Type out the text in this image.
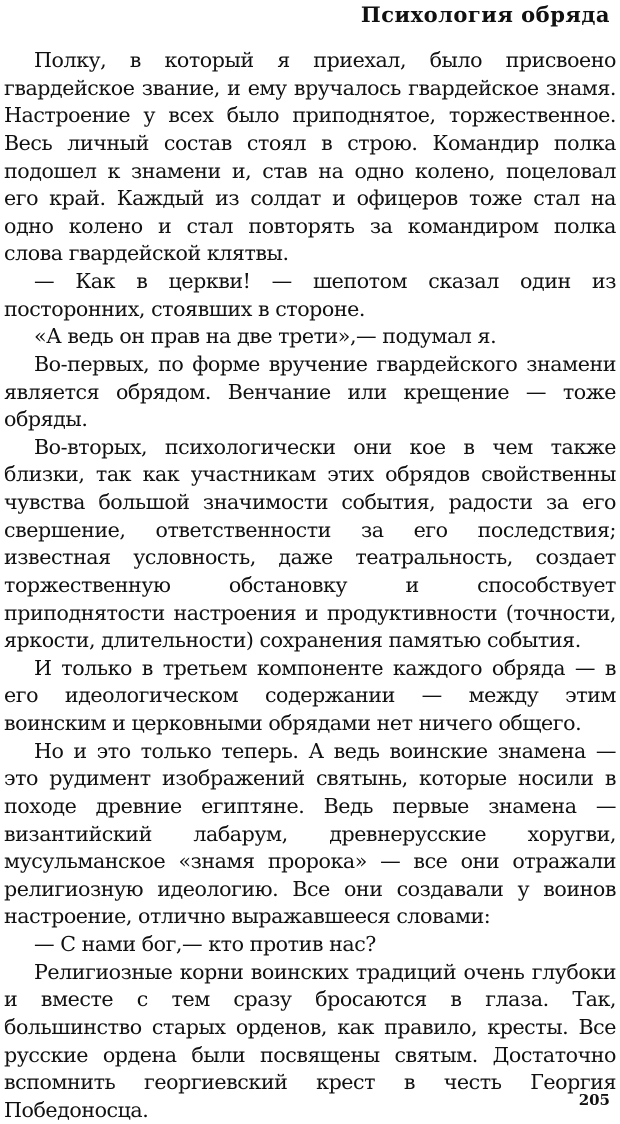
Психология обряда

Полку, в который я приехал, было присвоено гвардейское звание, и ему вручалось гвардейское знамя. Настроение у всех было приподнятое, торжественное. Весь личный состав стоял в строю. Командир полка подошел к знамени и, став на одно колено, поцеловал его край. Каждый из солдат и офицеров тоже стал на одно колено и стал повторять за командиром полка слова гвардейской клятвы.

— Как в церкви! — шепотом сказал один из посторонних, стоявших в стороне.

«А ведь он прав на две трети»,— подумал я.

Во-первых, по форме вручение гвардейского знамени является обрядом. Венчание или крещение — тоже обряды.

Во-вторых, психологически они кое в чем также близки, так как участникам этих обрядов свойственны чувства большой значимости события, радости за его свершение, ответственности за его последствия; известная условность, даже театральность, создает торжественную обстановку и способствует приподнятости настроения и продуктивности (точности, яркости, длительности) сохранения памятью события.

И только в третьем компоненте каждого обряда — в его идеологическом содержании — между этим воинским и церковными обрядами нет ничего общего.

Но и это только теперь. А ведь воинские знамена — это рудимент изображений святынь, которые носили в походе древние египтяне. Ведь первые знамена — византийский лабарум, древнерусские хоругви, мусульманское «знамя пророка» — все они отражали религиозную идеологию. Все они создавали у воинов настроение, отлично выражавшееся словами:

— С нами бог,— кто против нас?

Религиозные корни воинских традиций очень глубоки и вместе с тем сразу бросаются в глаза. Так, большинство старых орденов, как правило, кресты. Все русские ордена были посвящены святым. Достаточно вспомнить георгиевский крест в честь Георгия Победоносца.	205
